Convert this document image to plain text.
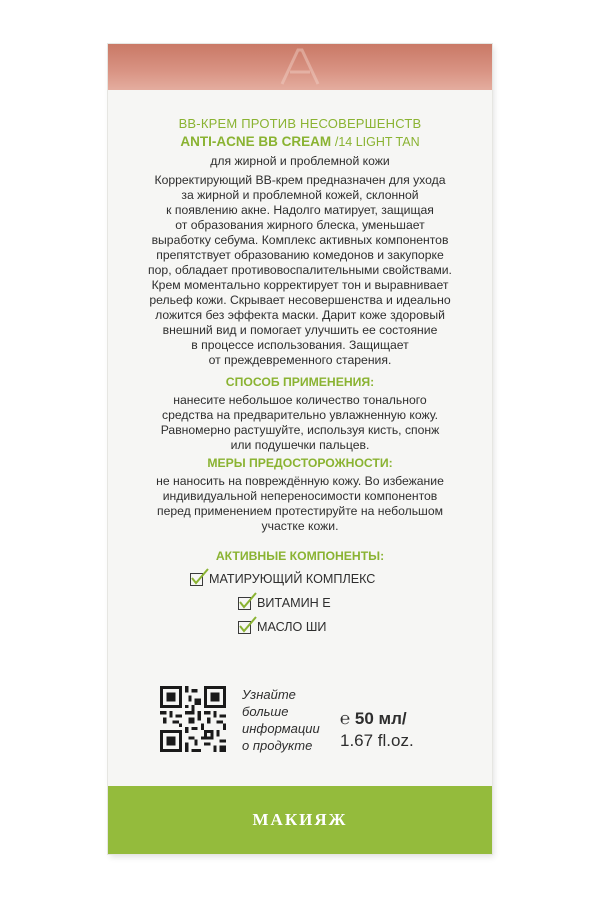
МАКИЯЖ
BB-КРЕМ ПРОТИВ НЕСОВЕРШЕНСТВ
ANTI-ACNE BB CREAM /14 LIGHT TAN
для жирной и проблемной кожи
Корректирующий BB-крем предназначен для ухода
за жирной и проблемной кожей, склонной
к появлению акне. Надолго матирует, защищая
от образования жирного блеска, уменьшает
выработку себума. Комплекс активных компонентов
препятствует образованию комедонов и закупорке
пор, обладает противовоспалительными свойствами.
Крем моментально корректирует тон и выравнивает
рельеф кожи. Скрывает несовершенства и идеально
ложится без эффекта маски. Дарит коже здоровый
внешний вид и помогает улучшить ее состояние
в процессе использования. Защищает
от преждевременного старения.
СПОСОБ ПРИМЕНЕНИЯ:
нанесите небольшое количество тонального
средства на предварительно увлажненную кожу.
Равномерно растушуйте, используя кисть, спонж
или подушечки пальцев.
МЕРЫ ПРЕДОСТОРОЖНОСТИ:
не наносить на повреждённую кожу. Во избежание
индивидуальной непереносимости компонентов
перед применением протестируйте на небольшом
участке кожи.
АКТИВНЫЕ КОМПОНЕНТЫ:
МАТИРУЮЩИЙ КОМПЛЕКС
ВИТАМИН Е
МАСЛО ШИ
Узнайте
больше
информации
о продукте
℮ 50 мл/
1.67 fl.oz.
